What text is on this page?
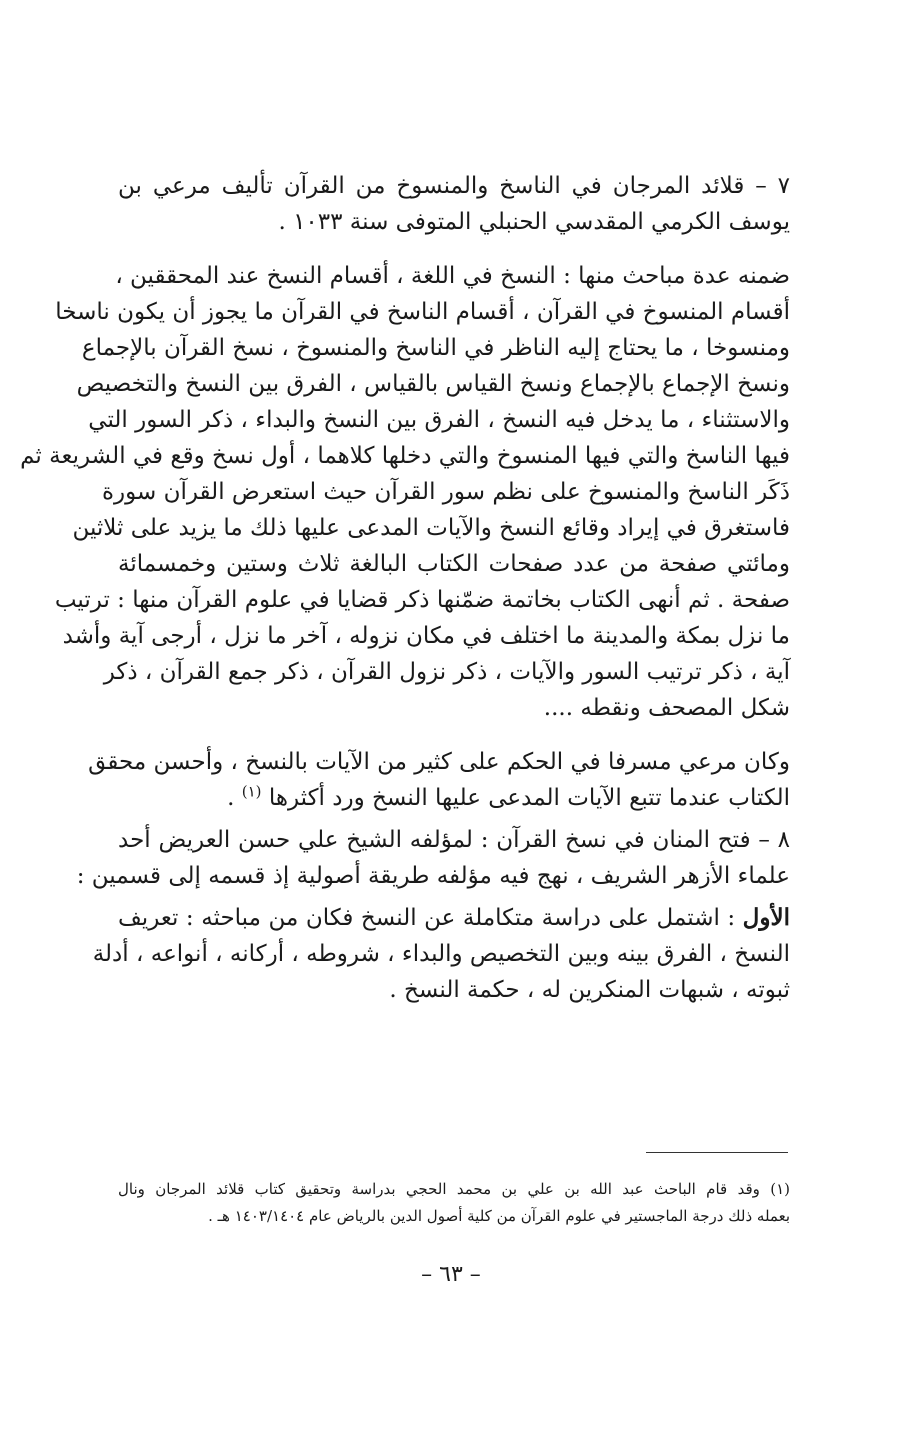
٧ – قلائد المرجان في الناسخ والمنسوخ من القرآن تأليف مرعي بن
يوسف الكرمي المقدسي الحنبلي المتوفى سنة ١٠٣٣ .
ضمنه عدة مباحث منها : النسخ في اللغة ، أقسام النسخ عند المحققين ،
أقسام المنسوخ في القرآن ، أقسام الناسخ في القرآن ما يجوز أن يكون ناسخا
ومنسوخا ، ما يحتاج إليه الناظر في الناسخ والمنسوخ ، نسخ القرآن بالإجماع
ونسخ الإجماع بالإجماع ونسخ القياس بالقياس ، الفرق بين النسخ والتخصيص
والاستثناء ، ما يدخل فيه النسخ ، الفرق بين النسخ والبداء ، ذكر السور التي
فيها الناسخ والتي فيها المنسوخ والتي دخلها كلاهما ، أول نسخ وقع في الشريعة ثم
ذَكَر الناسخ والمنسوخ على نظم سور القرآن حيث استعرض القرآن سورة
فاستغرق في إيراد وقائع النسخ والآيات المدعى عليها ذلك ما يزيد على ثلاثين
ومائتي صفحة من عدد صفحات الكتاب البالغة ثلاث وستين وخمسمائة
صفحة . ثم أنهى الكتاب بخاتمة ضمّنها ذكر قضايا في علوم القرآن منها : ترتيب
ما نزل بمكة والمدينة ما اختلف في مكان نزوله ، آخر ما نزل ، أرجى آية وأشد
آية ، ذكر ترتيب السور والآيات ، ذكر نزول القرآن ، ذكر جمع القرآن ، ذكر
شكل المصحف ونقطه ....
وكان مرعي مسرفا في الحكم على كثير من الآيات بالنسخ ، وأحسن محقق
الكتاب عندما تتبع الآيات المدعى عليها النسخ ورد أكثرها $^{(١)}$ .
٨ – فتح المنان في نسخ القرآن : لمؤلفه الشيخ علي حسن العريض أحد
علماء الأزهر الشريف ، نهج فيه مؤلفه طريقة أصولية إذ قسمه إلى قسمين :
الأول : اشتمل على دراسة متكاملة عن النسخ فكان من مباحثه : تعريف
النسخ ، الفرق بينه وبين التخصيص والبداء ، شروطه ، أركانه ، أنواعه ، أدلة
ثبوته ، شبهات المنكرين له ، حكمة النسخ .
(١) وقد قام الباحث عبد الله بن علي بن محمد الحجي بدراسة وتحقيق كتاب قلائد المرجان ونال
بعمله ذلك درجة الماجستير في علوم القرآن من كلية أصول الدين بالرياض عام ١٤٠٣/١٤٠٤ هـ .
– ٦٣ –
